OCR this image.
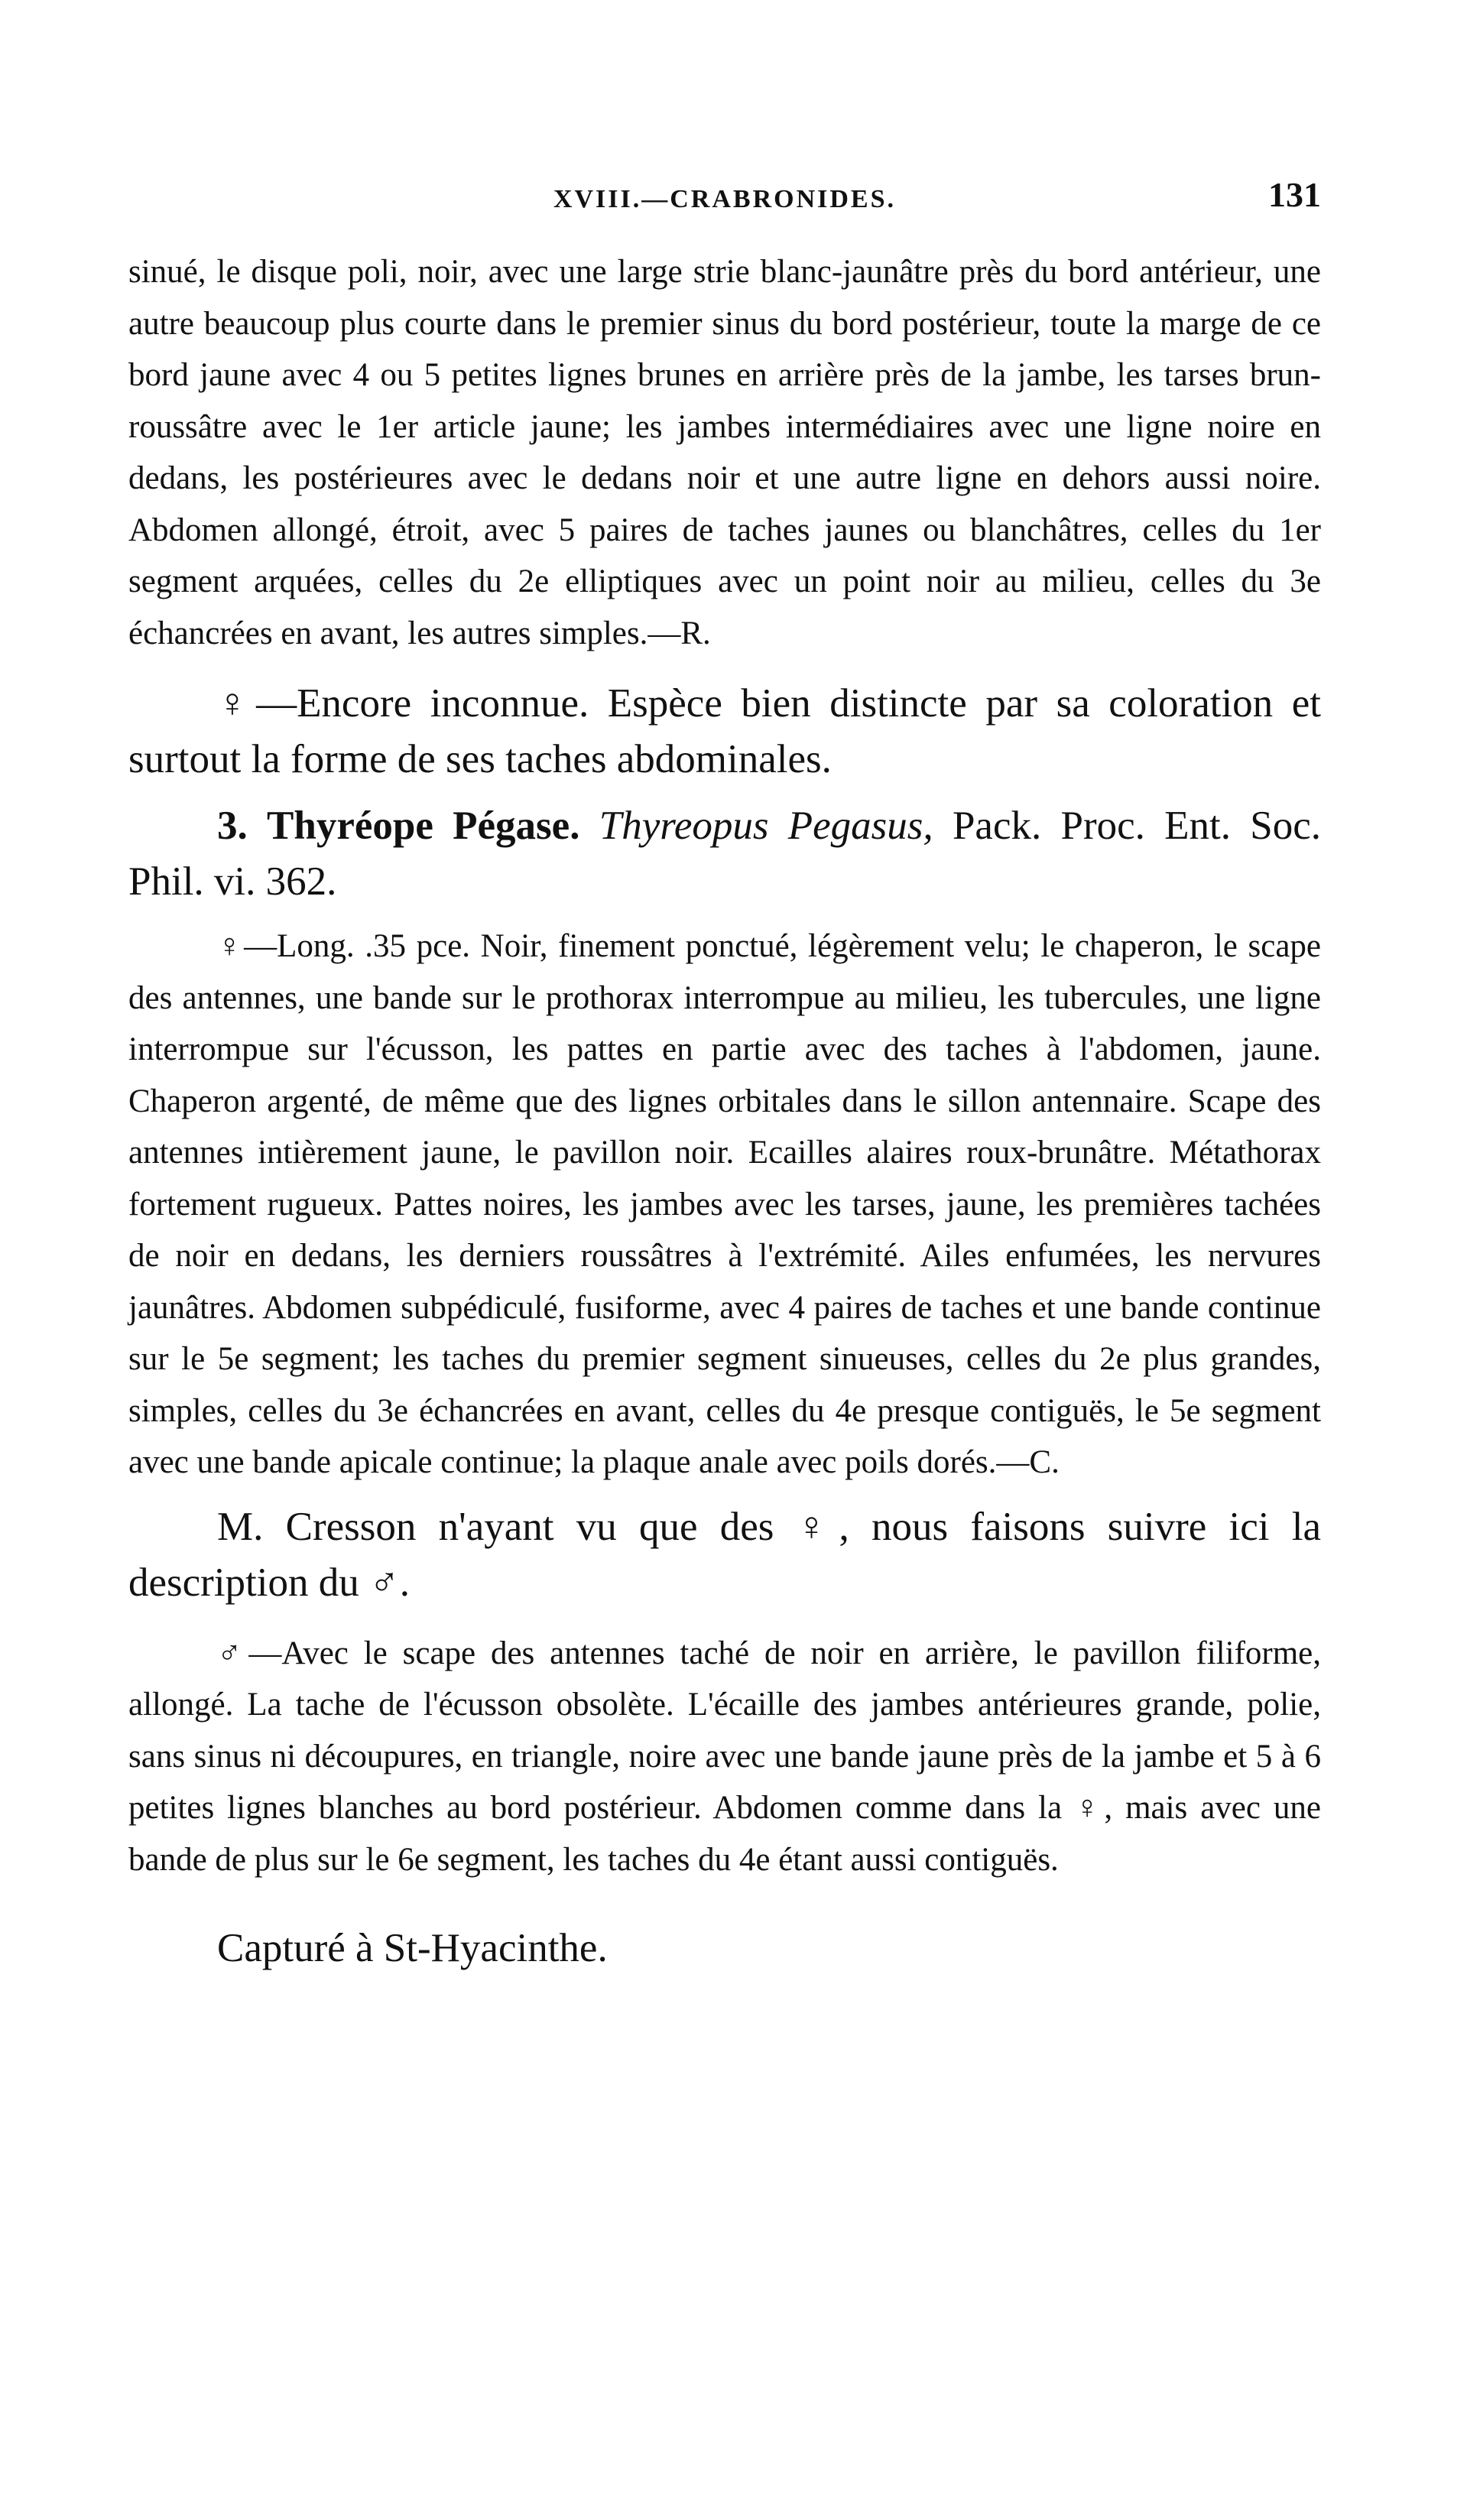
XVIII.—CRABRONIDES.	131

sinué, le disque poli, noir, avec une large strie blanc-jaunâtre près du bord antérieur, une autre beaucoup plus courte dans le premier sinus du bord postérieur, toute la marge de ce bord jaune avec 4 ou 5 petites lignes brunes en arrière près de la jambe, les tarses brun-roussâtre avec le 1er article jaune; les jambes intermédiaires avec une ligne noire en dedans, les postérieures avec le dedans noir et une autre ligne en dehors aussi noire. Abdomen allongé, étroit, avec 5 paires de taches jaunes ou blanchâtres, celles du 1er segment arquées, celles du 2e elliptiques avec un point noir au milieu, celles du 3e échancrées en avant, les autres simples.—R.

♀—Encore inconnue. Espèce bien distincte par sa coloration et surtout la forme de ses taches abdominales.

3. Thyréope Pégase. Thyreopus Pegasus, Pack. Proc. Ent. Soc. Phil. vi. 362.

♀—Long. .35 pce. Noir, finement ponctué, légèrement velu; le chaperon, le scape des antennes, une bande sur le prothorax interrompue au milieu, les tubercules, une ligne interrompue sur l'écusson, les pattes en partie avec des taches à l'abdomen, jaune. Chaperon argenté, de même que des lignes orbitales dans le sillon antennaire. Scape des antennes intièrement jaune, le pavillon noir. Ecailles alaires roux-brunâtre. Métathorax fortement rugueux. Pattes noires, les jambes avec les tarses, jaune, les premières tachées de noir en dedans, les derniers roussâtres à l'extrémité. Ailes enfumées, les nervures jaunâtres. Abdomen subpédiculé, fusiforme, avec 4 paires de taches et une bande continue sur le 5e segment; les taches du premier segment sinueuses, celles du 2e plus grandes, simples, celles du 3e échancrées en avant, celles du 4e presque contiguës, le 5e segment avec une bande apicale continue; la plaque anale avec poils dorés.—C.

M. Cresson n'ayant vu que des ♀, nous faisons suivre ici la description du ♂.

♂—Avec le scape des antennes taché de noir en arrière, le pavillon filiforme, allongé. La tache de l'écusson obsolète. L'écaille des jambes antérieures grande, polie, sans sinus ni découpures, en triangle, noire avec une bande jaune près de la jambe et 5 à 6 petites lignes blanches au bord postérieur. Abdomen comme dans la ♀, mais avec une bande de plus sur le 6e segment, les taches du 4e étant aussi contiguës.

Capturé à St-Hyacinthe.
